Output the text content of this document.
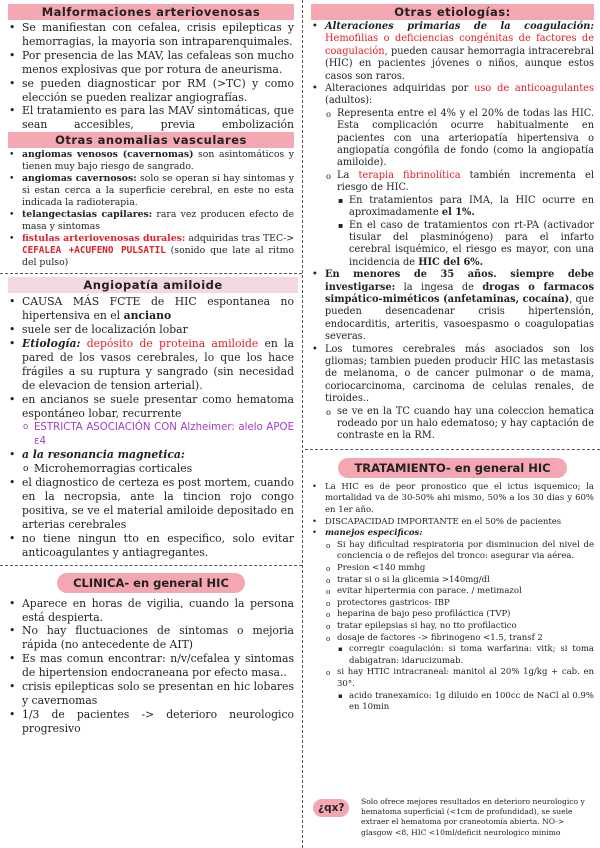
Malformaciones arteriovenosas
• Se manifiestan con cefalea, crisis epilepticas y hemorragias, la mayoria son intraparenquimales.
• Por presencia de las MAV, las cefaleas son mucho menos explosivas que por rotura de aneurisma.
• se pueden diagnosticar por RM (>TC) y como elección se pueden realizar angiografías.
• El tratamiento es para las MAV sintomáticas, que sean accesibles, previa embolización
Otras anomalias vasculares
• angiomas venosos (cavernomas) son asintomáticos y tienen muy bajo riesgo de sangrado.
• angiomas cavernosos: solo se operan si hay sintomas y si estan cerca a la superficie cerebral, en este no esta indicada la radioterapia.
• telangectasias capilares: rara vez producen efecto de masa y sintomas
• fistulas arteriovenosas durales: adquiridas tras TEC-> CEFALEA +ACUFENO PULSATIL (sonido que late al ritmo del pulso)
Angiopatía amiloide
• CAUSA MÁS FCTE de HIC espontanea no hipertensiva en el anciano
• suele ser de localización lobar
• Etiología: depósito de proteina amiloide en la pared de los vasos cerebrales, lo que los hace frágiles a su ruptura y sangrado (sin necesidad de elevacion de tension arterial).
• en ancianos se suele presentar como hematoma espontáneo lobar, recurrente
o ESTRICTA ASOCIACIÓN CON Alzheimer: alelo APOE ε4
• a la resonancia magnetica:
o Microhemorragias corticales
• el diagnostico de certeza es post mortem, cuando en la necropsia, ante la tincion rojo congo positiva, se ve el material amiloide depositado en arterias cerebrales
• no tiene ningun tto en especifico, solo evitar anticoagulantes y antiagregantes.
CLINICA- en general HIC
• Aparece en horas de vigilia, cuando la persona está despierta.
• No hay fluctuaciones de sintomas o mejoria rápida (no antecedente de AIT)
• Es mas comun encontrar: n/v/cefalea y sintomas de hipertension endocraneana por efecto masa..
• crisis epilepticas solo se presentan en hic lobares y cavernomas
• 1/3 de pacientes -> deterioro neurologico progresivo
Otras etiologías:
• Alteraciones primarias de la coagulación: Hemofilias o deficiencias congénitas de factores de coagulación, pueden causar hemorragia intracerebral (HIC) en pacientes jóvenes o niños, aunque estos casos son raros.
• Alteraciones adquiridas por uso de anticoagulantes (adultos):
o Representa entre el 4% y el 20% de todas las HIC. Esta complicación ocurre habitualmente en pacientes con una arteriopatía hipertensiva o angiopatía congófila de fondo (como la angiopatía amiloide).
o La terapia fibrinolítica también incrementa el riesgo de HIC.
▪ En tratamientos para IMA, la HIC ocurre en aproximadamente el 1%.
▪ En el caso de tratamientos con rt-PA (activador tisular del plasminógeno) para el infarto cerebral isquémico, el riesgo es mayor, con una incidencia de HIC del 6%.
• En menores de 35 años. siempre debe investigarse: la ingesa de drogas o farmacos simpático-miméticos (anfetaminas, cocaína), que pueden desencadenar crisis hipertensión, endocarditis, arteritis, vasoespasmo o coagulopatias severas.
• Los tumores cerebrales más asociados son los gliomas; tambien pueden producir HIC las metastasis de melanoma, o de cancer pulmonar o de mama, coriocarcinoma, carcinoma de celulas renales, de tiroides..
o se ve en la TC cuando hay una coleccion hematica rodeado por un halo edematoso; y hay captación de contraste en la RM.
TRATAMIENTO- en general HIC
• La HIC es de peor pronostico que el ictus isquemico; la mortalidad va de 30-50% ahi mismo, 50% a los 30 dias y 60% en 1er año.
• DISCAPACIDAD IMPORTANTE en el 50% de pacientes
• manejos especificos:
o Si hay dificultad respiratoria por disminucion del nivel de conciencia o de reflejos del tronco: asegurar via aérea.
o Presion <140 mmhg
o tratar si o si la glicemia >140mg/dl
o evitar hipertermia con parace. / metimazol
o protectores gastricos- IBP
o heparina de bajo peso profiláctica (TVP)
o tratar epilepsias si hay, no tto profilactico
o dosaje de factores -> fibrinogeno <1.5, transf 2
▪ corregir coagulación: si toma warfarina: vitk; si toma dabigatran: idarucizumab.
o si hay HTIC intracraneal: manitol al 20% 1g/kg + cab. en 30°.
▪ acido tranexamico: 1g diluido en 100cc de NaCl al 0.9% en 10min
¿qx?
Solo ofrece mejores resultados en deterioro neurologico y hematoma superficial (<1cm de profundidad), se suele extraer el hematoma por craneotomía abierta. NO-> glasgow <8, HIC <10ml/deficit neurologico minimo
